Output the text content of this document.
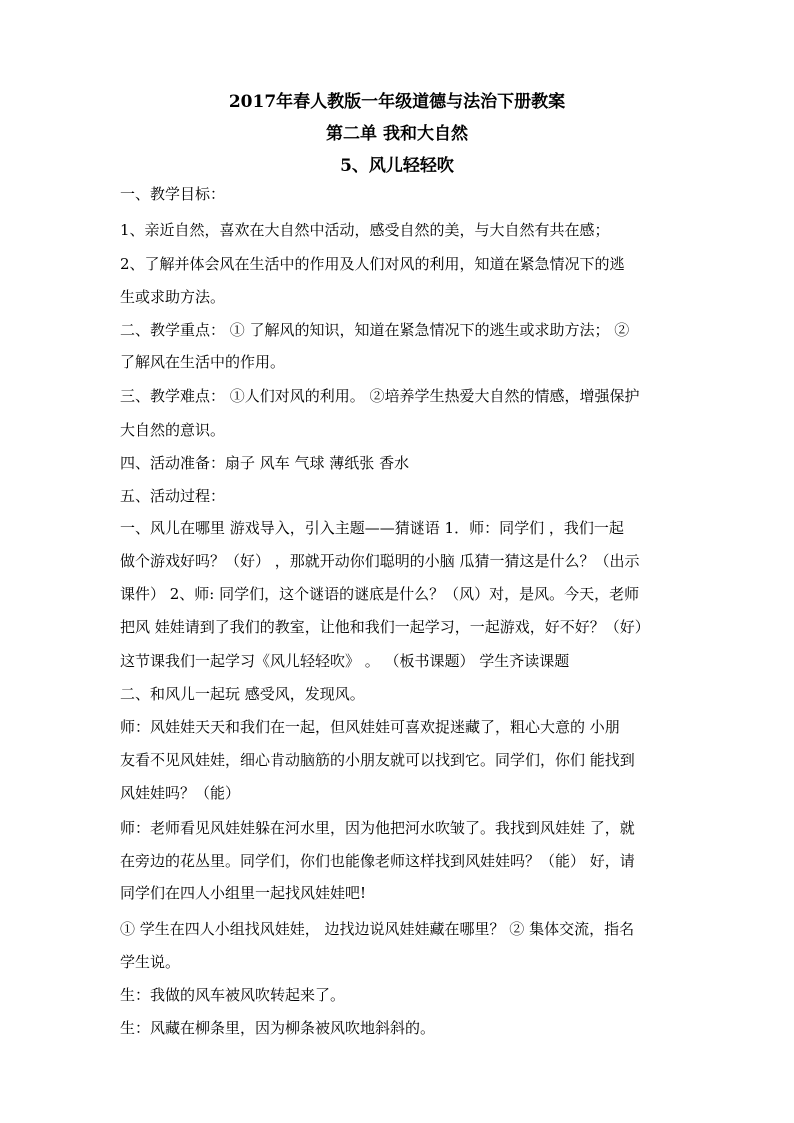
2017年春人教版一年级道德与法治下册教案
第二单 我和大自然
5、风儿轻轻吹
一、教学目标：
1、亲近自然，喜欢在大自然中活动，感受自然的美，与大自然有共在感；
2、了解并体会风在生活中的作用及人们对风的利用，知道在紧急情况下的逃
生或求助方法。
二、教学重点： ① 了解风的知识，知道在紧急情况下的逃生或求助方法； ②
了解风在生活中的作用。
三、教学难点： ①人们对风的利用。 ②培养学生热爱大自然的情感，增强保护
大自然的意识。
四、活动准备：扇子 风车 气球 薄纸张 香水
五、活动过程：
一、风儿在哪里 游戏导入，引入主题——猜谜语 1．师：同学们 ，我们一起
做个游戏好吗？（好） ，那就开动你们聪明的小脑 瓜猜一猜这是什么？（出示
课件） 2、师: 同学们，这个谜语的谜底是什么？（风）对，是风。今天，老师
把风 娃娃请到了我们的教室，让他和我们一起学习，一起游戏，好不好？（好）
这节课我们一起学习《风儿轻轻吹》 。 （板书课题） 学生齐读课题
二、和风儿一起玩 感受风，发现风。
师：风娃娃天天和我们在一起，但风娃娃可喜欢捉迷藏了，粗心大意的 小朋
友看不见风娃娃，细心肯动脑筋的小朋友就可以找到它。同学们，你们 能找到
风娃娃吗？（能）
师：老师看见风娃娃躲在河水里，因为他把河水吹皱了。我找到风娃娃 了，就
在旁边的花丛里。同学们，你们也能像老师这样找到风娃娃吗？（能） 好，请
同学们在四人小组里一起找风娃娃吧!
① 学生在四人小组找风娃娃， 边找边说风娃娃藏在哪里？ ② 集体交流，指名
学生说。
生：我做的风车被风吹转起来了。
生：风藏在柳条里，因为柳条被风吹地斜斜的。
